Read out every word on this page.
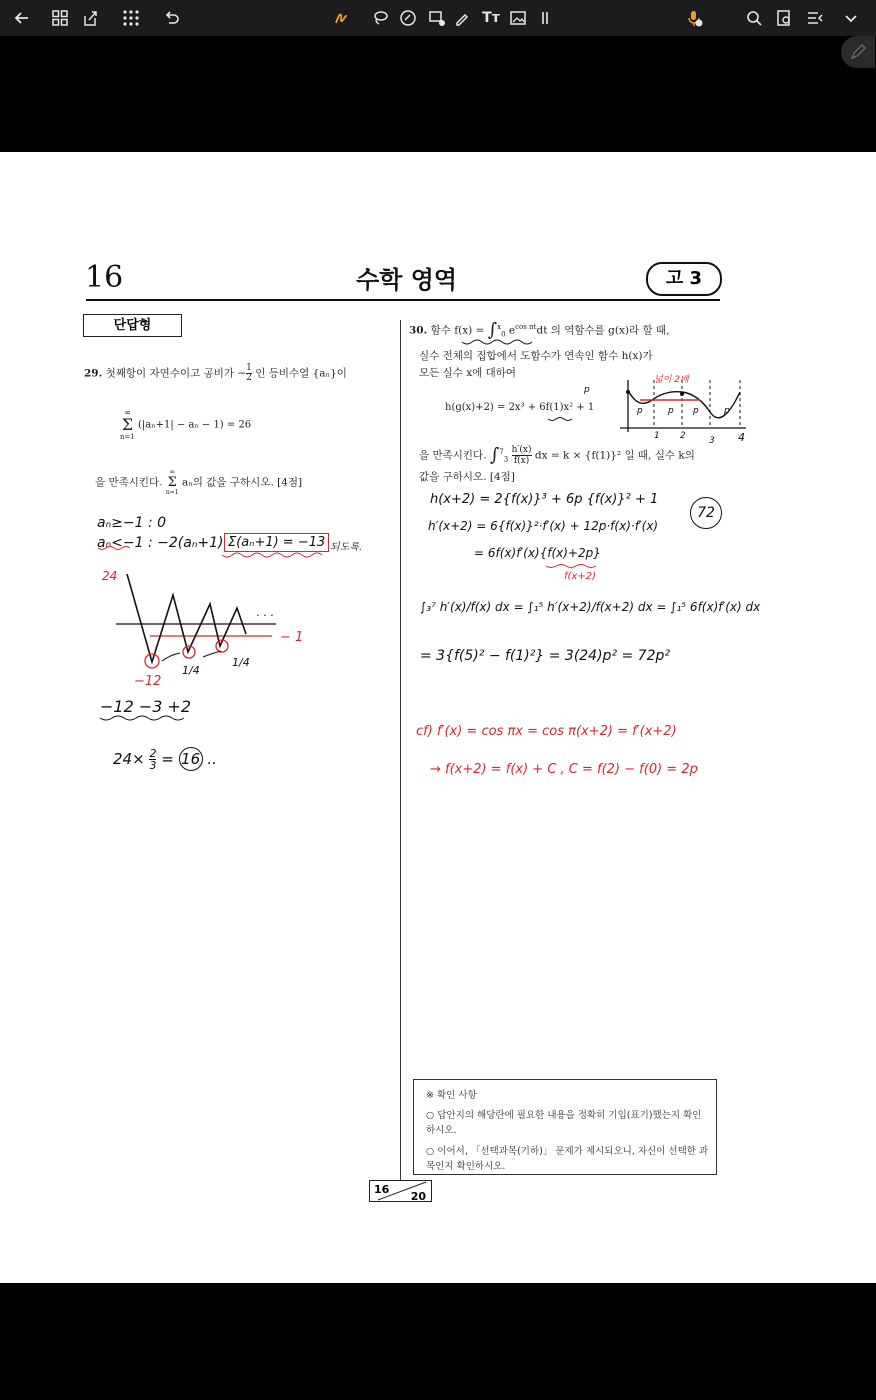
Tт
16	수학 영역	고 3
단답형
29. 첫째항이 자연수이고 공비가 − $\frac{1}{2}$ 인 등비수열 {aₙ}이
∞
Σ
n=1
(|aₙ+1| − aₙ − 1) = 26
을 만족시킨다.
∞
Σ
n=1
aₙ의 값을 구하시오. [4점]
30. 함수 f(x) = ∫$^x_0$ $e^{cos \pi t}dt$ 의 역함수를 g(x)라 할 때,
실수 전체의 집합에서 도함수가 연속인 함수 h(x)가
모든 실수 x에 대하여
h(g(x)+2) = 2x³ + 6f(1)x² + 1
을 만족시킨다. $\int^7_3 \frac{h'(x)}{f(x)}$ dx = k × {f(1)}² 일 때, 실수 k의
값을 구하시오. [4점]
aₙ≥−1 : 0
aₙ<−1 : −2(aₙ+1) Σ(aₙ+1) = −13 되도록.
24
− 1
−12
1/4
1/4
· · ·
−12 −3 +2
$24\times \frac{2}{3} = 16$ ..
p
넓이 2배
p	p p	p
1 2	3 4
h(x+2) = 2{f(x)}³ + 6p {f(x)}² + 1
72
h′(x+2) = 6{f(x)}²·f′(x) + 12p·f(x)·f′(x)
= 6f(x)f′(x){f(x)+2p}
f(x+2)
∫₃⁷ h′(x)/f(x) dx = ∫₁⁵ h′(x+2)/f(x+2) dx = ∫₁⁵ 6f(x)f′(x) dx
= 3{f(5)² − f(1)²} = 3(24)p² = 72p²
cf) f′(x) = cos πx = cos π(x+2) = f′(x+2)
→ f(x+2) = f(x) + C , C = f(2) − f(0) = 2p
※ 확인 사항
○ 답안지의 해당란에 필요한 내용을 정확히 기입(표기)했는지 확인하시오.
○ 이어서, 「선택과목(기하)」 문제가 제시되오니, 자신이 선택한 과목인지 확인하시오.
16
20
